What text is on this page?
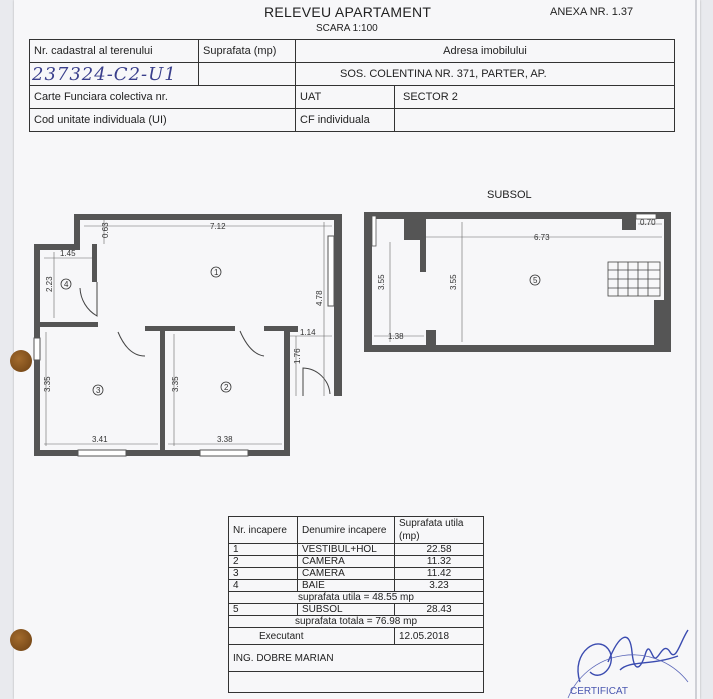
RELEVEU APARTAMENT
SCARA 1:100
ANEXA NR. 1.37
Nr. cadastral al terenului	Suprafata (mp)	Adresa imobilului	
237324-C2-U1		SOS. COLENTINA NR. 371, PARTER, AP.	
Carte Funciara colectiva nr.		UAT	SECTOR 2
Cod unitate individuala (UI)		CF individuala	
7.12
1.45
2.23
0.63
4.78
1.14
1.76
3.35	3.35
3.41	3.38
1
2
3
4	5
SUBSOL
0.70
6.73
3.55	3.55
1.38
Nr. incapere	Denumire incapere	Suprafata utila (mp)
1	VESTIBUL+HOL	22.58
2	CAMERA	11.32
3	CAMERA	11.42
4	BAIE	3.23
suprafata utila = 48.55 mp		
5	SUBSOL	28.43
suprafata totala = 76.98 mp		
Executant		12.05.2018
ING. DOBRE MARIAN		

CERTIFICAT
